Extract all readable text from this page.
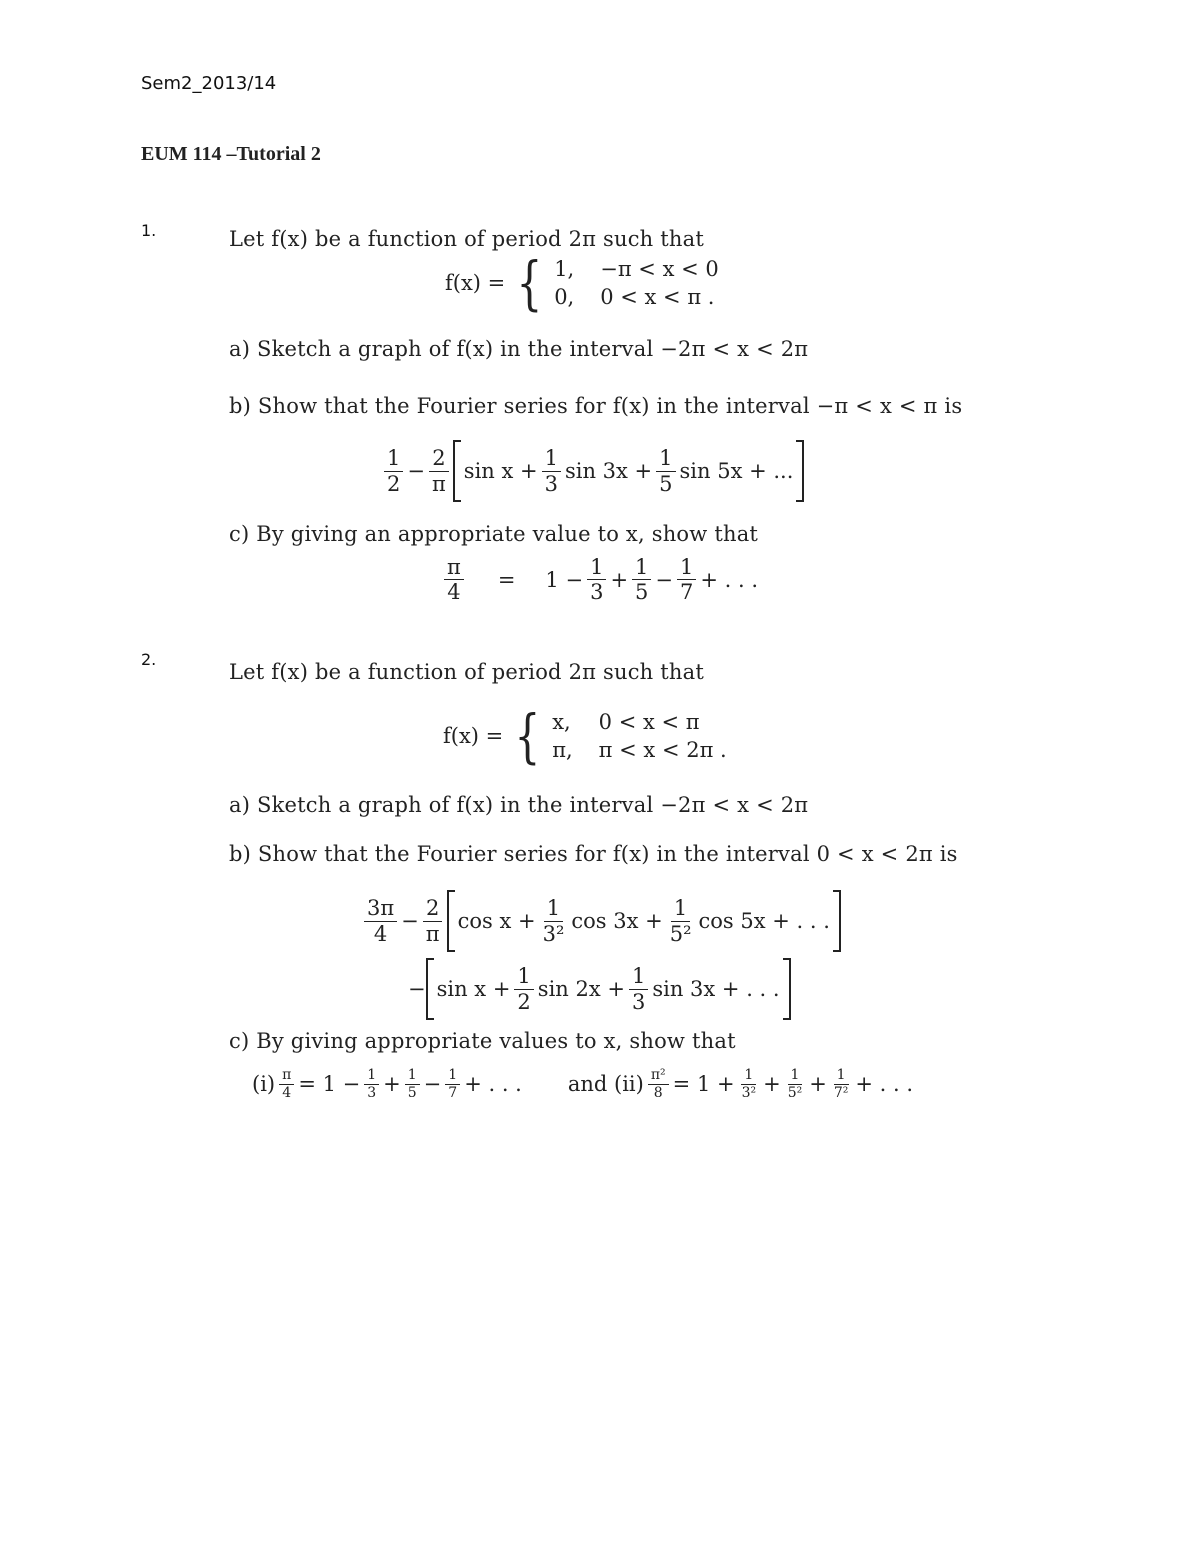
Sem2_2013/14
EUM 114 –Tutorial 2
1.	Let f(x) be a function of period 2π such that
f(x) = { 1, −π < x < 0
0, 0 < x < π .
a) Sketch a graph of f(x) in the interval −2π < x < 2π
b) Show that the Fourier series for f(x) in the interval −π < x < π is
$\frac{1}{2} - \frac{2}{\pi}$ $\sin x + \frac{1}{3}$ $\sin 3x + \frac{1}{5}$ sin 5x + ...
c) By giving an appropriate value to x, show that
$\frac{\pi}{4} = 1 - \frac{1}{3} + \frac{1}{5} - \frac{1}{7}$ + . . .
2.
Let f(x) be a function of period 2π such that
f(x) = { x, 0 < x < π
π, π < x < 2π .
a) Sketch a graph of f(x) in the interval −2π < x < 2π
b) Show that the Fourier series for f(x) in the interval 0 < x < 2π is
$\frac{3\pi}{4} - \frac{2}{\pi}$ $\cos x + \frac{1}{\text{3²}}$ $\cos 3x + \frac{1}{\text{5²}}$ cos 5x + . . .
− $\sin x + \frac{1}{2}$ $\sin 2x + \frac{1}{3}$ sin 3x + . . .
c) By giving appropriate values to x, show that
$(i) \frac{\pi}{4} = 1 - \frac{1}{3} + \frac{1}{5} - \frac{1}{7}$ + . . . and $(ii) \frac{\text{π²}}{8} = 1 + \frac{1}{\text{3²}} + \frac{1}{\text{5²}} + \frac{1}{\text{7²}}$ + . . .
